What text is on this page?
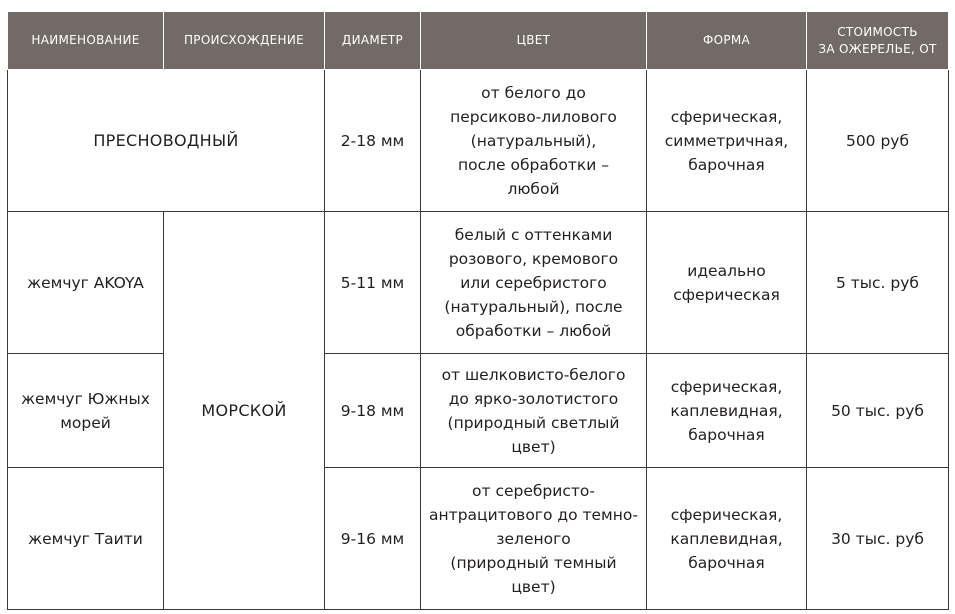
НАИМЕНОВАНИЕ	ПРОИСХОЖДЕНИЕ	ДИАМЕТР	ЦВЕТ	ФОРМА	СТОИМОСТЬ
ЗА ОЖЕРЕЛЬЕ, ОТ
ПРЕСНОВОДНЫЙ		2-18 мм	от белого до
персиково-лилового
(натуральный),
после обработки –
любой	сферическая,
симметричная,
барочная	500 руб
жемчуг AKOYA	МОРСКОЙ	5-11 мм	белый с оттенками
розового, кремового
или серебристого
(натуральный), после
обработки – любой	идеально
сферическая	5 тыс. руб
жемчуг Южных
морей		9-18 мм	от шелковисто-белого
до ярко-золотистого
(природный светлый
цвет)	сферическая,
каплевидная,
барочная	50 тыс. руб
жемчуг Таити		9-16 мм	от серебристо-
антрацитового до темно-
зеленого
(природный темный
цвет)	сферическая,
каплевидная,
барочная	30 тыс. руб
